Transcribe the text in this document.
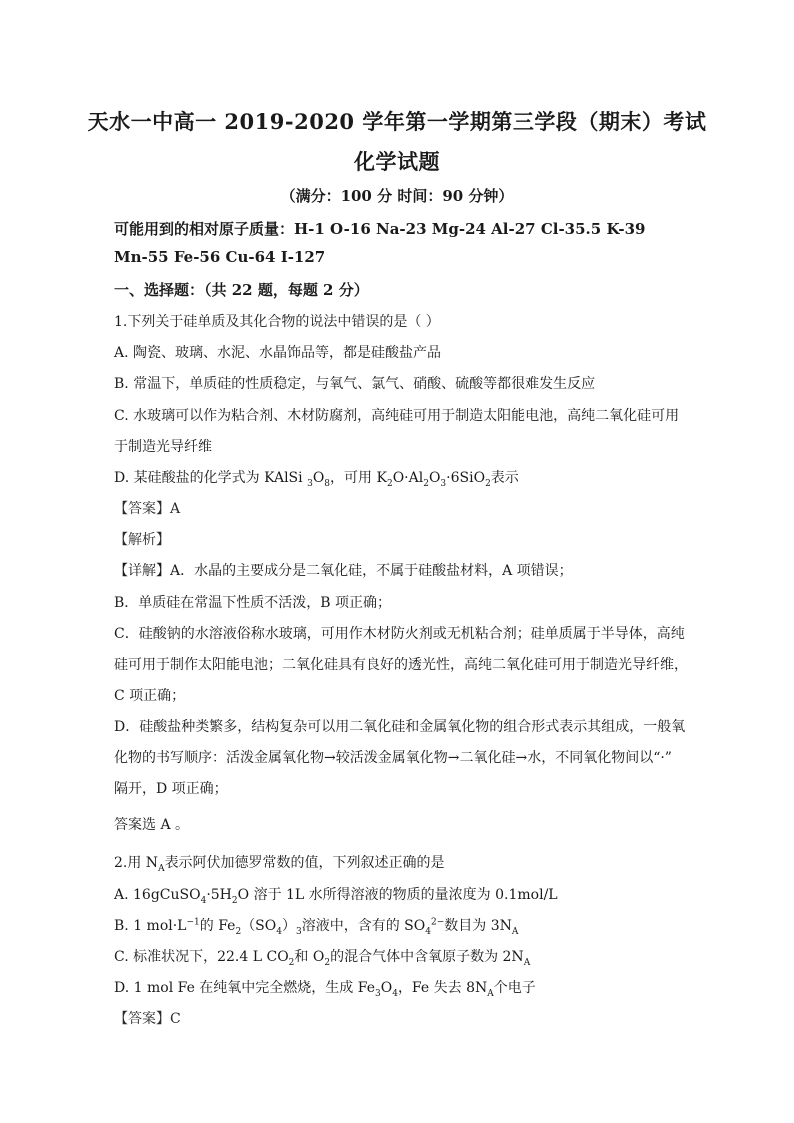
天水一中高一 2019-2020 学年第一学期第三学段（期末）考试
化学试题
（满分：100 分 时间：90 分钟）
可能用到的相对原子质量：H-1 O-16 Na-23 Mg-24 Al-27 Cl-35.5 K-39
Mn-55 Fe-56 Cu-64 I-127
一、选择题：（共 22 题，每题 2 分）
1.下列关于硅单质及其化合物的说法中错误的是（ ）
A. 陶瓷、玻璃、水泥、水晶饰品等，都是硅酸盐产品
B. 常温下，单质硅的性质稳定，与氧气、氯气、硝酸、硫酸等都很难发生反应
C. 水玻璃可以作为粘合剂、木材防腐剂，高纯硅可用于制造太阳能电池，高纯二氧化硅可用
于制造光导纤维
D. 某硅酸盐的化学式为 KAlSi $_3O_8$，可用 $K_2O\cdot Al_2O_3\cdot 6SiO_2$表示
【答案】A
【解析】
【详解】A．水晶的主要成分是二氧化硅，不属于硅酸盐材料，A 项错误；
B．单质硅在常温下性质不活泼，B 项正确；
C．硅酸钠的水溶液俗称水玻璃，可用作木材防火剂或无机粘合剂；硅单质属于半导体，高纯
硅可用于制作太阳能电池；二氧化硅具有良好的透光性，高纯二氧化硅可用于制造光导纤维，
C 项正确；
D．硅酸盐种类繁多，结构复杂可以用二氧化硅和金属氧化物的组合形式表示其组成，一般氧
化物的书写顺序：活泼金属氧化物→较活泼金属氧化物→二氧化硅→水，不同氧化物间以“·”
隔开，D 项正确；
答案选 A 。
2.用 $N_A$表示阿伏加德罗常数的值，下列叙述正确的是
A. $16gCuSO_4\cdot 5H_2O$ 溶于 1L 水所得溶液的物质的量浓度为 0.1mol/L
B. 1 $mol\cdot L^{-1}$的 $Fe_2(SO_4)_3$溶液中，含有的 $SO_4^{2-}$数目为 $3N_A$
C. 标准状况下，22.4 L $CO_2$和 $O_2$的混合气体中含氧原子数为 $2N_A$
D. 1 mol Fe 在纯氧中完全燃烧，生成 $Fe_3O_4$，Fe 失去 $8N_A$个电子
【答案】C
